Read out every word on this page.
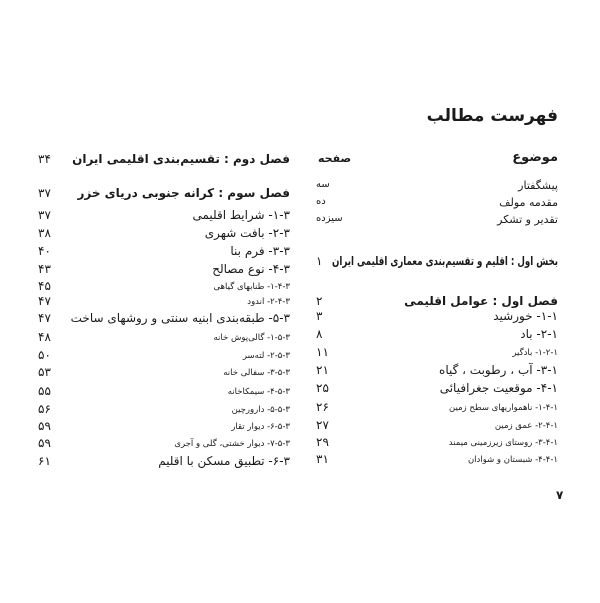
فهرست مطالب
موضوع
صفحه
پیشگفتار
سه
مقدمه مولف
ده
تقدیر و تشکر
سیزده
بخش اول : اقلیم و تقسیم‌بندی معماری اقلیمی ایران
۱
فصل اول : عوامل اقلیمی
۲
۱-۱- خورشید
۳
۲-۱- باد
۸
۱-۲-۱- بادگیر
۱۱
۳-۱- آب ، رطوبت ، گیاه
۲۱
۴-۱- موقعیت جغرافیائی
۲۵
۱-۴-۱- ناهمواریهای سطح زمین
۲۶
۲-۴-۱- عمق زمین
۲۷
۳-۴-۱- روستای زیرزمینی میمند
۲۹
۴-۴-۱- شبستان و شوادان
۳۱
فصل دوم : تقسیم‌بندی اقلیمی ایران
۳۴
فصل سوم : کرانه جنوبی دریای خزر
۳۷
۱-۳- شرایط اقلیمی
۳۷
۲-۳- بافت شهری
۳۸
۳-۳- فرم بنا
۴۰
۴-۳- نوع مصالح
۴۳
۱-۴-۳- طنابهای گیاهی
۴۵
۲-۴-۳- اندود
۴۷
۵-۳- طبقه‌بندی ابنیه سنتی و روشهای ساخت
۴۷
۱-۵-۳- گالی‌پوش خانه
۴۸
۲-۵-۳- لته‌سر
۵۰
۳-۵-۳- سفالی خانه
۵۳
۴-۵-۳- سیمکاخانه
۵۵
۵-۵-۳- دارورچین
۵۶
۶-۵-۳- دیوار تقار
۵۹
۷-۵-۳- دیوار خشتی، گلی و آجری
۵۹
۶-۳- تطبیق مسکن با اقلیم
۶۱
۷
